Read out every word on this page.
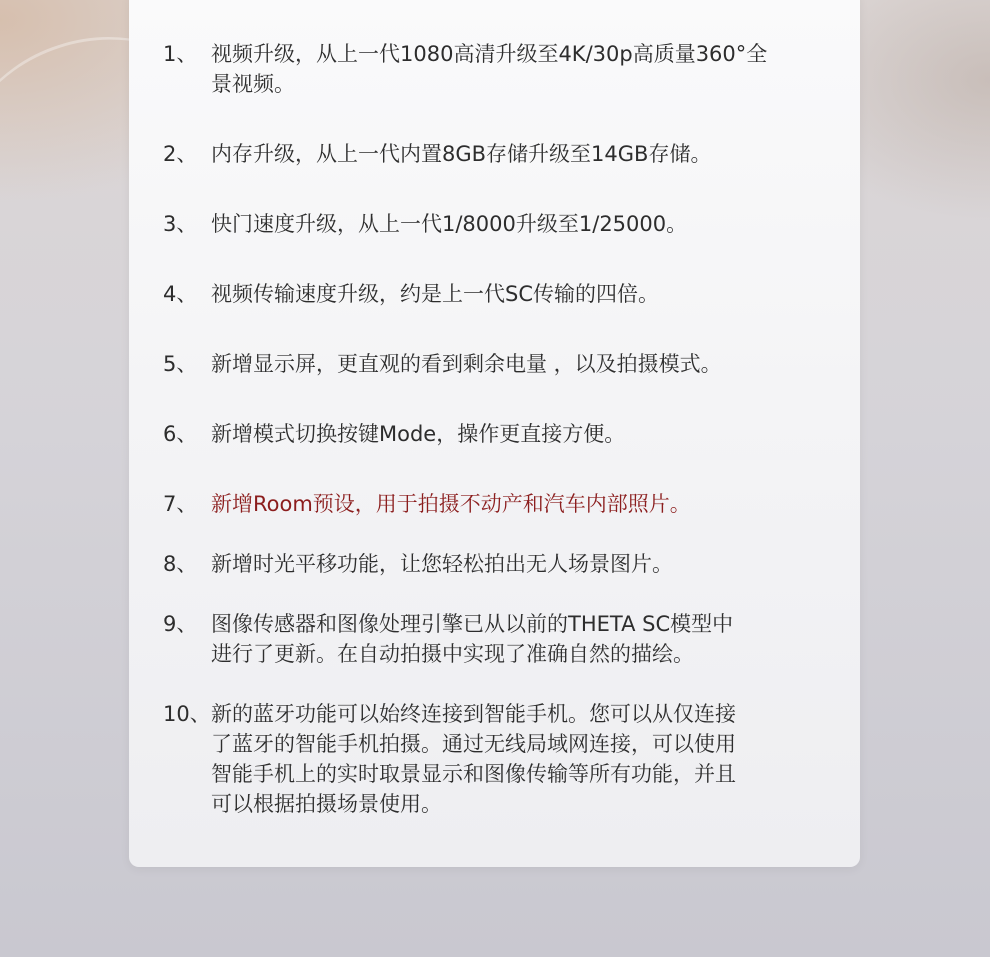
1、 视频升级，从上一代1080高清升级至4K/30p高质量360°全
景视频。
2、 内存升级，从上一代内置8GB存储升级至14GB存储。
3、 快门速度升级，从上一代1/8000升级至1/25000。
4、 视频传输速度升级，约是上一代SC传输的四倍。
5、 新增显示屏，更直观的看到剩余电量 ，以及拍摄模式。
6、 新增模式切换按键Mode，操作更直接方便。
7、 新增Room预设，用于拍摄不动产和汽车内部照片。
8、 新增时光平移功能，让您轻松拍出无人场景图片。
9、 图像传感器和图像处理引擎已从以前的THETA SC模型中
进行了更新。在自动拍摄中实现了准确自然的描绘。
10、 新的蓝牙功能可以始终连接到智能手机。您可以从仅连接
了蓝牙的智能手机拍摄。通过无线局域网连接，可以使用
智能手机上的实时取景显示和图像传输等所有功能，并且
可以根据拍摄场景使用。
